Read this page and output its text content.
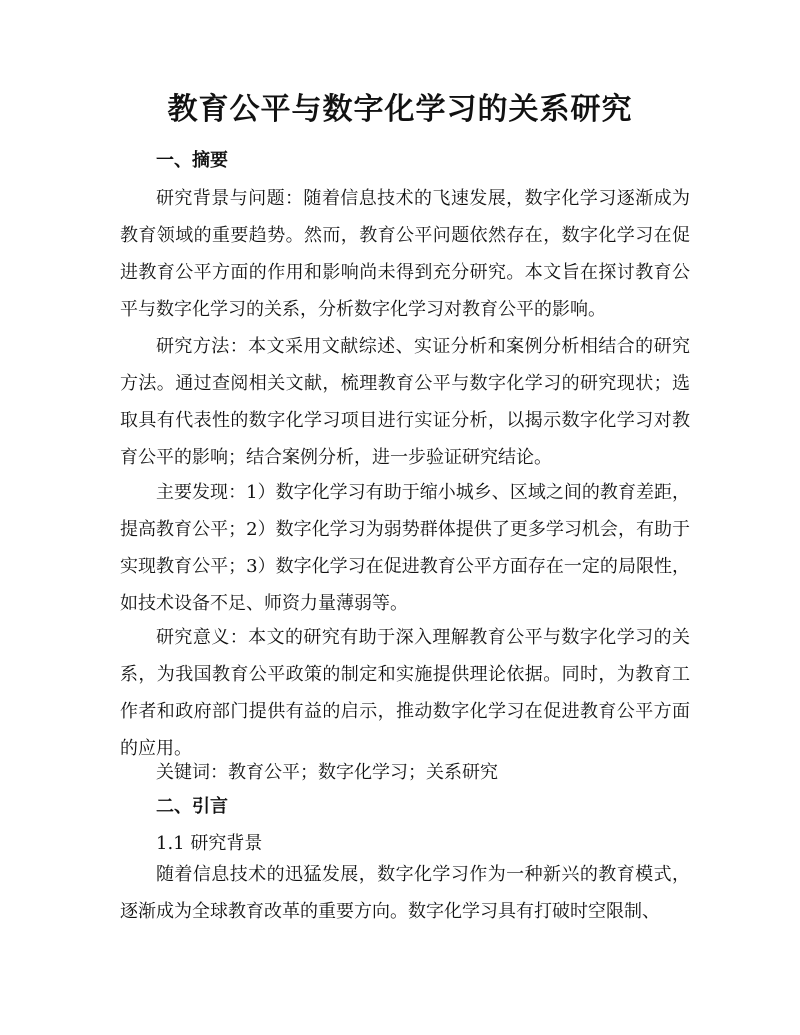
教育公平与数字化学习的关系研究
一、摘要

研究背景与问题：随着信息技术的飞速发展，数字化学习逐渐成为教育领域的重要趋势。然而，教育公平问题依然存在，数字化学习在促进教育公平方面的作用和影响尚未得到充分研究。本文旨在探讨教育公平与数字化学习的关系，分析数字化学习对教育公平的影响。

研究方法：本文采用文献综述、实证分析和案例分析相结合的研究方法。通过查阅相关文献，梳理教育公平与数字化学习的研究现状；选取具有代表性的数字化学习项目进行实证分析，以揭示数字化学习对教育公平的影响；结合案例分析，进一步验证研究结论。

主要发现：1）数字化学习有助于缩小城乡、区域之间的教育差距，提高教育公平；2）数字化学习为弱势群体提供了更多学习机会，有助于实现教育公平；3）数字化学习在促进教育公平方面存在一定的局限性，如技术设备不足、师资力量薄弱等。

研究意义：本文的研究有助于深入理解教育公平与数字化学习的关系，为我国教育公平政策的制定和实施提供理论依据。同时，为教育工作者和政府部门提供有益的启示，推动数字化学习在促进教育公平方面的应用。

关键词：教育公平；数字化学习；关系研究

二、引言

1.1 研究背景

随着信息技术的迅猛发展，数字化学习作为一种新兴的教育模式，逐渐成为全球教育改革的重要方向。数字化学习具有打破时空限制、
